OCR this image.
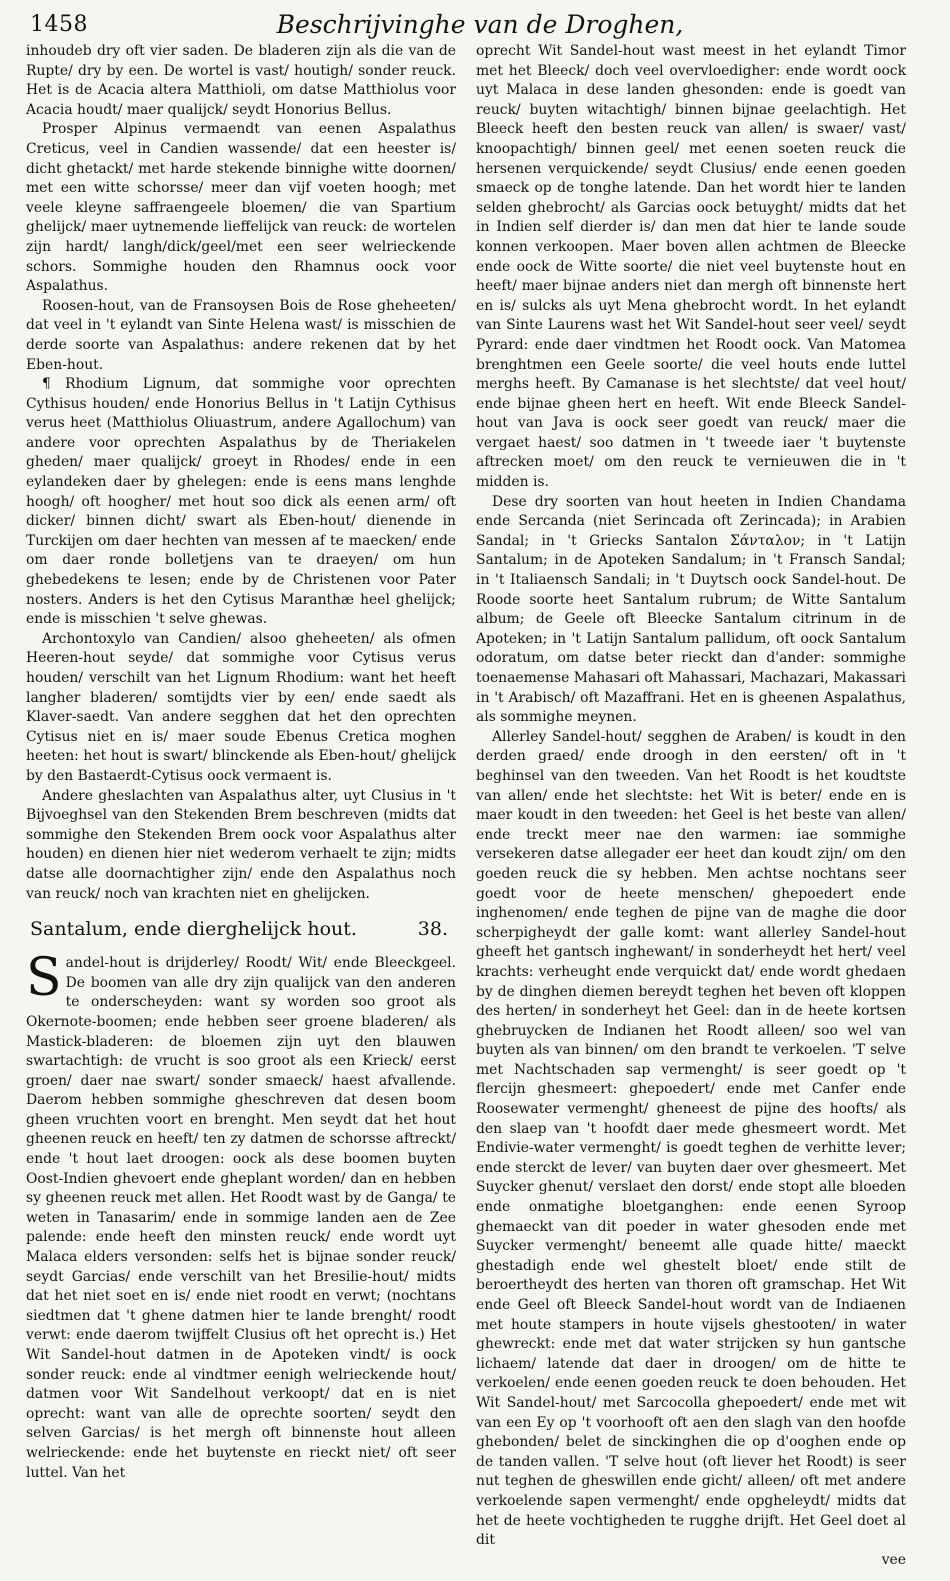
1458	Beschrijvinghe van de Droghen,

inhoudeb dry oft vier saden. De bladeren zijn als die van de Rupte/ dry by een. De wortel is vast/ houtigh/ sonder reuck. Het is de Acacia altera Matthioli, om datse Matthiolus voor Acacia houdt/ maer qualijck/ seydt Honorius Bellus.

Prosper Alpinus vermaendt van eenen Aspalathus Creticus, veel in Candien wassende/ dat een heester is/ dicht ghetackt/ met harde stekende binnighe witte doornen/ met een witte schorsse/ meer dan vijf voeten hoogh; met veele kleyne saffraengeele bloemen/ die van Spartium ghelijck/ maer uytnemende lieffelijck van reuck: de wortelen zijn hardt/ langh/dick/geel/met een seer welrieckende schors. Sommighe houden den Rhamnus oock voor Aspalathus.

Roosen-hout, van de Fransoysen Bois de Rose gheheeten/ dat veel in 't eylandt van Sinte Helena wast/ is misschien de derde soorte van Aspalathus: andere rekenen dat by het Eben-hout.

¶ Rhodium Lignum, dat sommighe voor oprechten Cythisus houden/ ende Honorius Bellus in 't Latijn Cythisus verus heet (Matthiolus Oliuastrum, andere Agallochum) van andere voor oprechten Aspalathus by de Theriakelen gheden/ maer qualijck/ groeyt in Rhodes/ ende in een eylandeken daer by ghelegen: ende is eens mans lenghde hoogh/ oft hoogher/ met hout soo dick als eenen arm/ oft dicker/ binnen dicht/ swart als Eben-hout/ dienende in Turckijen om daer hechten van messen af te maecken/ ende om daer ronde bolletjens van te draeyen/ om hun ghebedekens te lesen; ende by de Christenen voor Pater nosters. Anders is het den Cytisus Maranthæ heel ghelijck; ende is misschien 't selve ghewas.

Archontoxylo van Candien/ alsoo gheheeten/ als ofmen Heeren-hout seyde/ dat sommighe voor Cytisus verus houden/ verschilt van het Lignum Rhodium: want het heeft langher bladeren/ somtijdts vier by een/ ende saedt als Klaver-saedt. Van andere segghen dat het den oprechten Cytisus niet en is/ maer soude Ebenus Cretica moghen heeten: het hout is swart/ blinckende als Eben-hout/ ghelijck by den Bastaerdt-Cytisus oock vermaent is.

Andere gheslachten van Aspalathus alter, uyt Clusius in 't Bijvoeghsel van den Stekenden Brem beschreven (midts dat sommighe den Stekenden Brem oock voor Aspalathus alter houden) en dienen hier niet wederom verhaelt te zijn; midts datse alle doornachtigher zijn/ ende den Aspalathus noch van reuck/ noch van krachten niet en ghelijcken.

Santalum, ende dierghelijck hout.	38.

Sandel-hout is drijderley/ Roodt/ Wit/ ende Bleeckgeel. De boomen van alle dry zijn qualijck van den anderen te onderscheyden: want sy worden soo groot als Okernote-boomen; ende hebben seer groene bladeren/ als Mastick-bladeren: de bloemen zijn uyt den blauwen swartachtigh: de vrucht is soo groot als een Krieck/ eerst groen/ daer nae swart/ sonder smaeck/ haest afvallende. Daerom hebben sommighe gheschreven dat desen boom gheen vruchten voort en brenght. Men seydt dat het hout gheenen reuck en heeft/ ten zy datmen de schorsse aftreckt/ ende 't hout laet droogen: oock als dese boomen buyten Oost-Indien ghevoert ende gheplant worden/ dan en hebben sy gheenen reuck met allen. Het Roodt wast by de Ganga/ te weten in Tanasarim/ ende in sommige landen aen de Zee palende: ende heeft den minsten reuck/ ende wordt uyt Malaca elders versonden: selfs het is bijnae sonder reuck/ seydt Garcias/ ende verschilt van het Bresilie-hout/ midts dat het niet soet en is/ ende niet roodt en verwt; (nochtans siedtmen dat 't ghene datmen hier te lande brenght/ roodt verwt: ende daerom twijffelt Clusius oft het oprecht is.) Het Wit Sandel-hout datmen in de Apoteken vindt/ is oock sonder reuck: ende al vindtmer eenigh welrieckende hout/ datmen voor Wit Sandelhout verkoopt/ dat en is niet oprecht: want van alle de oprechte soorten/ seydt den selven Garcias/ is het mergh oft binnenste hout alleen welrieckende: ende het buytenste en rieckt niet/ oft seer luttel. Van het

oprecht Wit Sandel-hout wast meest in het eylandt Timor met het Bleeck/ doch veel overvloedigher: ende wordt oock uyt Malaca in dese landen ghesonden: ende is goedt van reuck/ buyten witachtigh/ binnen bijnae geelachtigh. Het Bleeck heeft den besten reuck van allen/ is swaer/ vast/ knoopachtigh/ binnen geel/ met eenen soeten reuck die hersenen verquickende/ seydt Clusius/ ende eenen goeden smaeck op de tonghe latende. Dan het wordt hier te landen selden ghebrocht/ als Garcias oock betuyght/ midts dat het in Indien self dierder is/ dan men dat hier te lande soude konnen verkoopen. Maer boven allen achtmen de Bleecke ende oock de Witte soorte/ die niet veel buytenste hout en heeft/ maer bijnae anders niet dan mergh oft binnenste hert en is/ sulcks als uyt Mena ghebrocht wordt. In het eylandt van Sinte Laurens wast het Wit Sandel-hout seer veel/ seydt Pyrard: ende daer vindtmen het Roodt oock. Van Matomea brenghtmen een Geele soorte/ die veel houts ende luttel merghs heeft. By Camanase is het slechtste/ dat veel hout/ ende bijnae gheen hert en heeft. Wit ende Bleeck Sandel-hout van Java is oock seer goedt van reuck/ maer die vergaet haest/ soo datmen in 't tweede iaer 't buytenste aftrecken moet/ om den reuck te vernieuwen die in 't midden is.

Dese dry soorten van hout heeten in Indien Chandama ende Sercanda (niet Serincada oft Zerincada); in Arabien Sandal; in 't Griecks Santalon Σάνταλον; in 't Latijn Santalum; in de Apoteken Sandalum; in 't Fransch Sandal; in 't Italiaensch Sandali; in 't Duytsch oock Sandel-hout. De Roode soorte heet Santalum rubrum; de Witte Santalum album; de Geele oft Bleecke Santalum citrinum in de Apoteken; in 't Latijn Santalum pallidum, oft oock Santalum odoratum, om datse beter rieckt dan d'ander: sommighe toenaemense Mahasari oft Mahassari, Machazari, Makassari in 't Arabisch/ oft Mazaffrani. Het en is gheenen Aspalathus, als sommighe meynen.

Allerley Sandel-hout/ segghen de Araben/ is koudt in den derden graed/ ende droogh in den eersten/ oft in 't beghinsel van den tweeden. Van het Roodt is het koudtste van allen/ ende het slechtste: het Wit is beter/ ende en is maer koudt in den tweeden: het Geel is het beste van allen/ ende treckt meer nae den warmen: iae sommighe versekeren datse allegader eer heet dan koudt zijn/ om den goeden reuck die sy hebben. Men achtse nochtans seer goedt voor de heete menschen/ ghepoedert ende inghenomen/ ende teghen de pijne van de maghe die door scherpigheydt der galle komt: want allerley Sandel-hout gheeft het gantsch inghewant/ in sonderheydt het hert/ veel krachts: verheught ende verquickt dat/ ende wordt ghedaen by de dinghen diemen bereydt teghen het beven oft kloppen des herten/ in sonderheyt het Geel: dan in de heete kortsen ghebruycken de Indianen het Roodt alleen/ soo wel van buyten als van binnen/ om den brandt te verkoelen. 'T selve met Nachtschaden sap vermenght/ is seer goedt op 't flercijn ghesmeert: ghepoedert/ ende met Canfer ende Roosewater vermenght/ gheneest de pijne des hoofts/ als den slaep van 't hoofdt daer mede ghesmeert wordt. Met Endivie-water vermenght/ is goedt teghen de verhitte lever; ende sterckt de lever/ van buyten daer over ghesmeert. Met Suycker ghenut/ verslaet den dorst/ ende stopt alle bloeden ende onmatighe bloetganghen: ende eenen Syroop ghemaeckt van dit poeder in water ghesoden ende met Suycker vermenght/ beneemt alle quade hitte/ maeckt ghestadigh ende wel ghestelt bloet/ ende stilt de beroertheydt des herten van thoren oft gramschap. Het Wit ende Geel oft Bleeck Sandel-hout wordt van de Indiaenen met houte stampers in houte vijsels ghestooten/ in water ghewreckt: ende met dat water strijcken sy hun gantsche lichaem/ latende dat daer in droogen/ om de hitte te verkoelen/ ende eenen goeden reuck te doen behouden. Het Wit Sandel-hout/ met Sarcocolla ghepoedert/ ende met wit van een Ey op 't voorhooft oft aen den slagh van den hoofde ghebonden/ belet de sinckinghen die op d'ooghen ende op de tanden vallen. 'T selve hout (oft liever het Roodt) is seer nut teghen de gheswillen ende gicht/ alleen/ oft met andere verkoelende sapen vermenght/ ende opgheleydt/ midts dat het de heete vochtigheden te rugghe drijft. Het Geel doet al dit

vee
